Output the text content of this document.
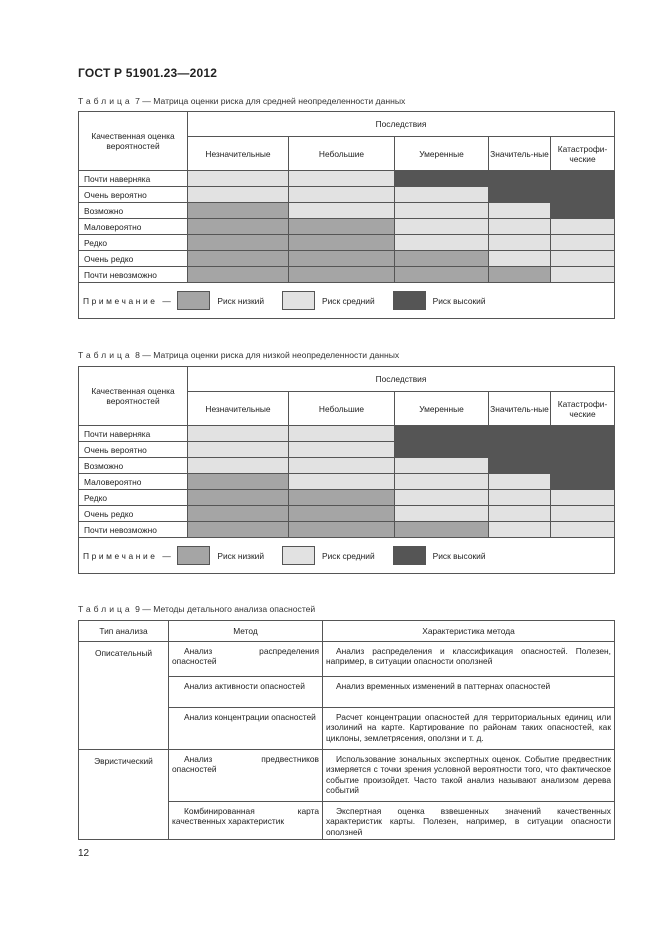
ГОСТ Р 51901.23—2012
Таблица 7 — Матрица оценки риска для средней неопределенности данных
Качественная оценка вероятностей	Последствия				
	Незначительные	Небольшие	Умеренные	Значитель-ные	Катастрофи-ческие
Почти наверняка					
Очень вероятно					
Возможно					
Маловероятно					
Редко					
Очень редко					
Почти невозможно					

Примечание — Риск низкий Риск средний Риск высокий					
Таблица 8 — Матрица оценки риска для низкой неопределенности данных
Качественная оценка вероятностей	Последствия				
	Незначительные	Небольшие	Умеренные	Значитель-ные	Катастрофи-ческие
Почти наверняка					
Очень вероятно					
Возможно					
Маловероятно					
Редко					
Очень редко					
Почти невозможно					

Примечание — Риск низкий Риск средний Риск высокий					
Таблица 9 — Методы детального анализа опасностей
Тип анализа	Метод	Характеристика метода
Описательный	Анализ распределения опасностей	Анализ распределения и классификация опасностей. Полезен, например, в ситуации опасности оползней
	Анализ активности опасностей	Анализ временных изменений в паттернах опасностей
	Анализ концентрации опасностей	Расчет концентрации опасностей для территориальных единиц или изолиний на карте. Картирование по районам таких опасностей, как циклоны, землетрясения, оползни и т. д.
Эвристический	Анализ предвестников опасностей	Использование зональных экспертных оценок. Событие предвестник измеряется с точки зрения условной вероятности того, что фактическое событие произойдет. Часто такой анализ называют анализом дерева событий
	Комбинированная карта качественных характеристик	Экспертная оценка взвешенных значений качественных характеристик карты. Полезен, например, в ситуации опасности оползней
12
